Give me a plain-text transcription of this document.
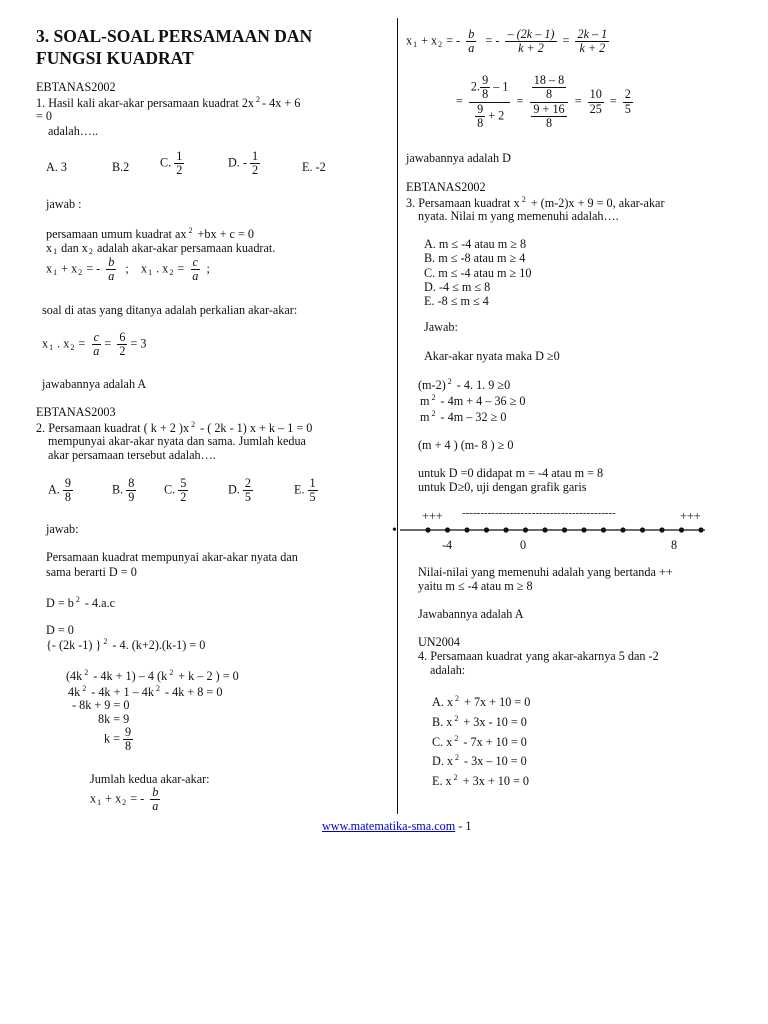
3. SOAL-SOAL PERSAMAAN DAN
FUNGSI KUADRAT
EBTANAS2002
1. Hasil kali akar-akar persamaan kuadrat 2x $^2$ - 4x + 6
= 0
adalah…..
A. 3	B.2	C. $\frac{1}{2}$	D. - $\frac{1}{2}$	E. -2
jawab :
persamaan umum kuadrat ax $^2$ +bx + c = 0
$x_1$ dan $x_2$ adalah akar-akar persamaan kuadrat.
$x_1 + x_2$ = - $\frac{b}{a}$ ; $x_1$ . $x_2 = \frac{c}{a}$ ;
soal di atas yang ditanya adalah perkalian akar-akar:
$x_1$ . $x_2 = \frac{c}{a} = \frac{6}{2} = 3$
jawabannya adalah A
EBTANAS2003
2. Persamaan kuadrat ( k + 2 )x $^2$ - ( 2k - 1) x + k – 1 = 0
mempunyai akar-akar nyata dan sama. Jumlah kedua
akar persamaan tersebut adalah….
A. $\frac{9}{8}$	B. $\frac{8}{9} C$. $\frac{5}{2}$	D. $\frac{2}{5}$	E. $\frac{1}{5}$
jawab:
Persamaan kuadrat mempunyai akar-akar nyata dan
sama berarti D = 0
D = b $^2$ - 4.a.c
D = 0
{- (2k -1) } $^2$ - 4. (k+2).(k-1) = 0
(4k $^2$ - 4k + 1) – 4 (k $^2$ + k – 2 ) = 0
4k $^2$ - 4k + 1 – 4k $^2$ - 4k + 8 = 0
- 8k + 9 = 0
8k = 9
$k = \frac{9}{8}$
Jumlah kedua akar-akar:
$x_1 + x_2$ = - $\frac{b}{a}$
$x_1 + x_2$ = - $\frac{b}{a}$ = - $\frac{- (2k - 1)}{k + 2} = \frac{2k - 1}{k + 2}$
= $\frac{2. \frac{9}{8} - 1}{\frac{9}{8} + 2} = \frac{\frac{18 - 8}{8}}{\frac{9 + 16}{8}} = \frac{10}{25} = \frac{2}{5}$
jawabannya adalah D
EBTANAS2002
3. Persamaan kuadrat x $^2$ + (m-2)x + 9 = 0, akar-akar
nyata. Nilai m yang memenuhi adalah….
A. m ≤ -4 atau m ≥ 8
B. m ≤ -8 atau m ≥ 4
C. m ≤ -4 atau m ≥ 10
D. -4 ≤ m ≤ 8
E. -8 ≤ m ≤ 4
Jawab:
Akar-akar nyata maka D ≥0
(m-2) $^2$ - 4. 1. 9 ≥0
m $^2$ - 4m + 4 – 36 ≥ 0
m $^2$ - 4m – 32 ≥ 0
(m + 4 ) (m- 8 ) ≥ 0
untuk D =0 didapat m = -4 atau m = 8
untuk D≥0, uji dengan grafik garis
+++ ------------------------------------------	+++
-4	0	8
•
Nilai-nilai yang memenuhi adalah yang bertanda ++
yaitu m ≤ -4 atau m ≥ 8
Jawabannya adalah A
UN2004
4. Persamaan kuadrat yang akar-akarnya 5 dan -2
adalah:
A. x $^2$ + 7x + 10 = 0
B. x $^2$ + 3x - 10 = 0
C. x $^2$ - 7x + 10 = 0
D. x $^2$ - 3x – 10 = 0
E. x $^2$ + 3x + 10 = 0
www.matematika-sma.com - 1
